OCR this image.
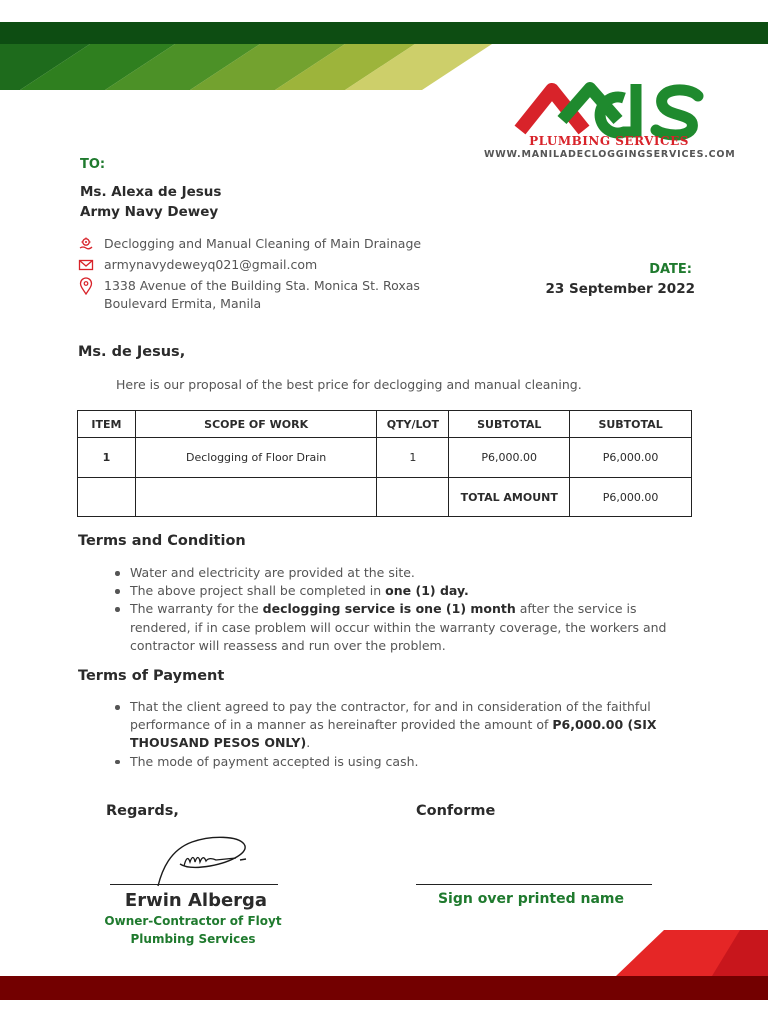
PLUMBING SERVICES
WWW.MANILADECLOGGINGSERVICES.COM
TO:
Ms. Alexa de Jesus
Army Navy Dewey
Declogging and Manual Cleaning of Main Drainage
armynavydeweyq021@gmail.com
1338 Avenue of the Building Sta. Monica St. Roxas Boulevard Ermita, Manila
DATE:
23 September 2022
Ms. de Jesus,
Here is our proposal of the best price for declogging and manual cleaning.
ITEM	SCOPE OF WORK	QTY/LOT	SUBTOTAL	SUBTOTAL
1	Declogging of Floor Drain	1	P6,000.00	P6,000.00
			TOTAL AMOUNT	P6,000.00
Terms and Condition
Water and electricity are provided at the site.
The above project shall be completed in one (1) day.
The warranty for the declogging service is one (1) month after the service is rendered, if in case problem will occur within the warranty coverage, the workers and contractor will reassess and run over the problem.
Terms of Payment
That the client agreed to pay the contractor, for and in consideration of the faithful performance of in a manner as hereinafter provided the amount of P6,000.00 (SIX THOUSAND PESOS ONLY).
The mode of payment accepted is using cash.
Regards,	Conforme
Erwin Alberga
Owner-Contractor of Floyt Plumbing Services
Sign over printed name
